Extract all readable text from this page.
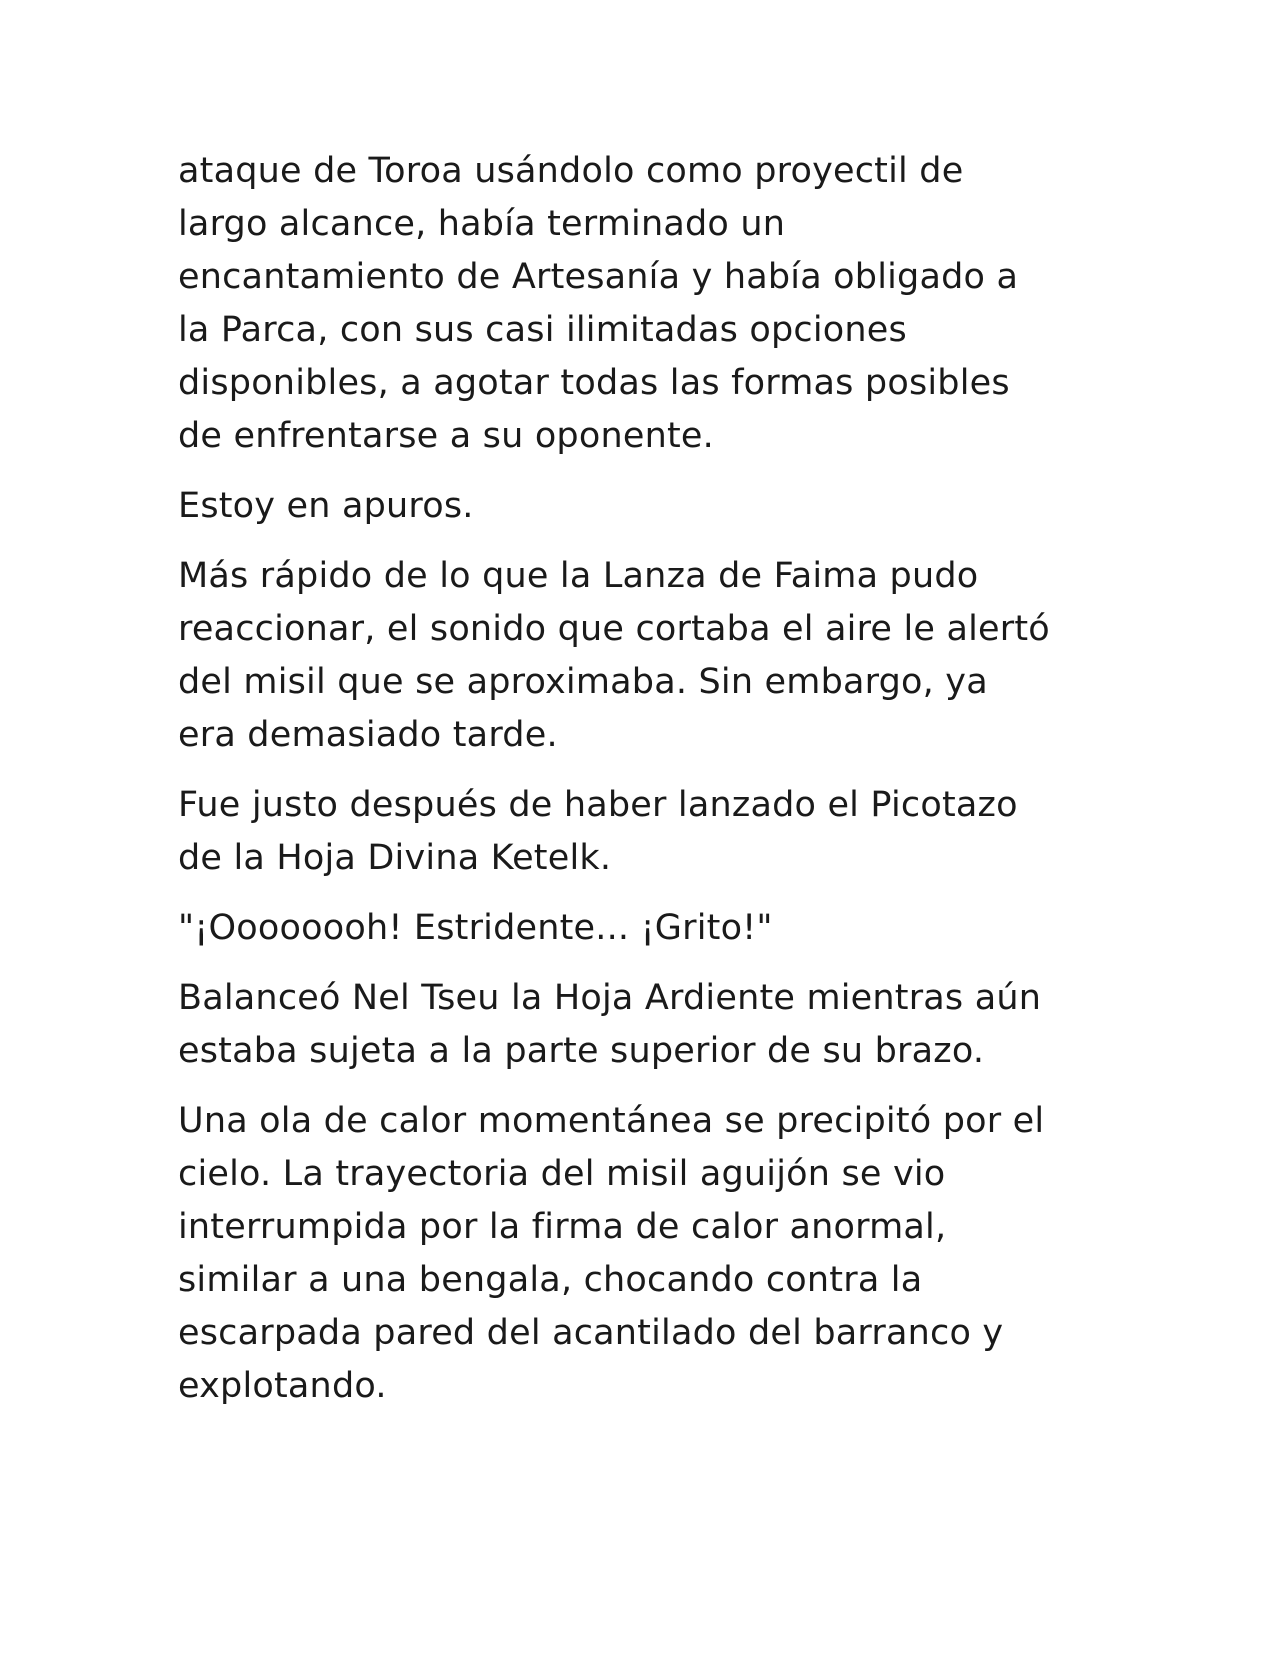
ataque de Toroa usándolo como proyectil de
largo alcance, había terminado un
encantamiento de Artesanía y había obligado a
la Parca, con sus casi ilimitadas opciones
disponibles, a agotar todas las formas posibles
de enfrentarse a su oponente.

Estoy en apuros.

Más rápido de lo que la Lanza de Faima pudo
reaccionar, el sonido que cortaba el aire le alertó
del misil que se aproximaba. Sin embargo, ya
era demasiado tarde.

Fue justo después de haber lanzado el Picotazo
de la Hoja Divina Ketelk.

"¡Oooooooh! Estridente... ¡Grito!"

Balanceó Nel Tseu la Hoja Ardiente mientras aún
estaba sujeta a la parte superior de su brazo.

Una ola de calor momentánea se precipitó por el
cielo. La trayectoria del misil aguijón se vio
interrumpida por la firma de calor anormal,
similar a una bengala, chocando contra la
escarpada pared del acantilado del barranco y
explotando.
